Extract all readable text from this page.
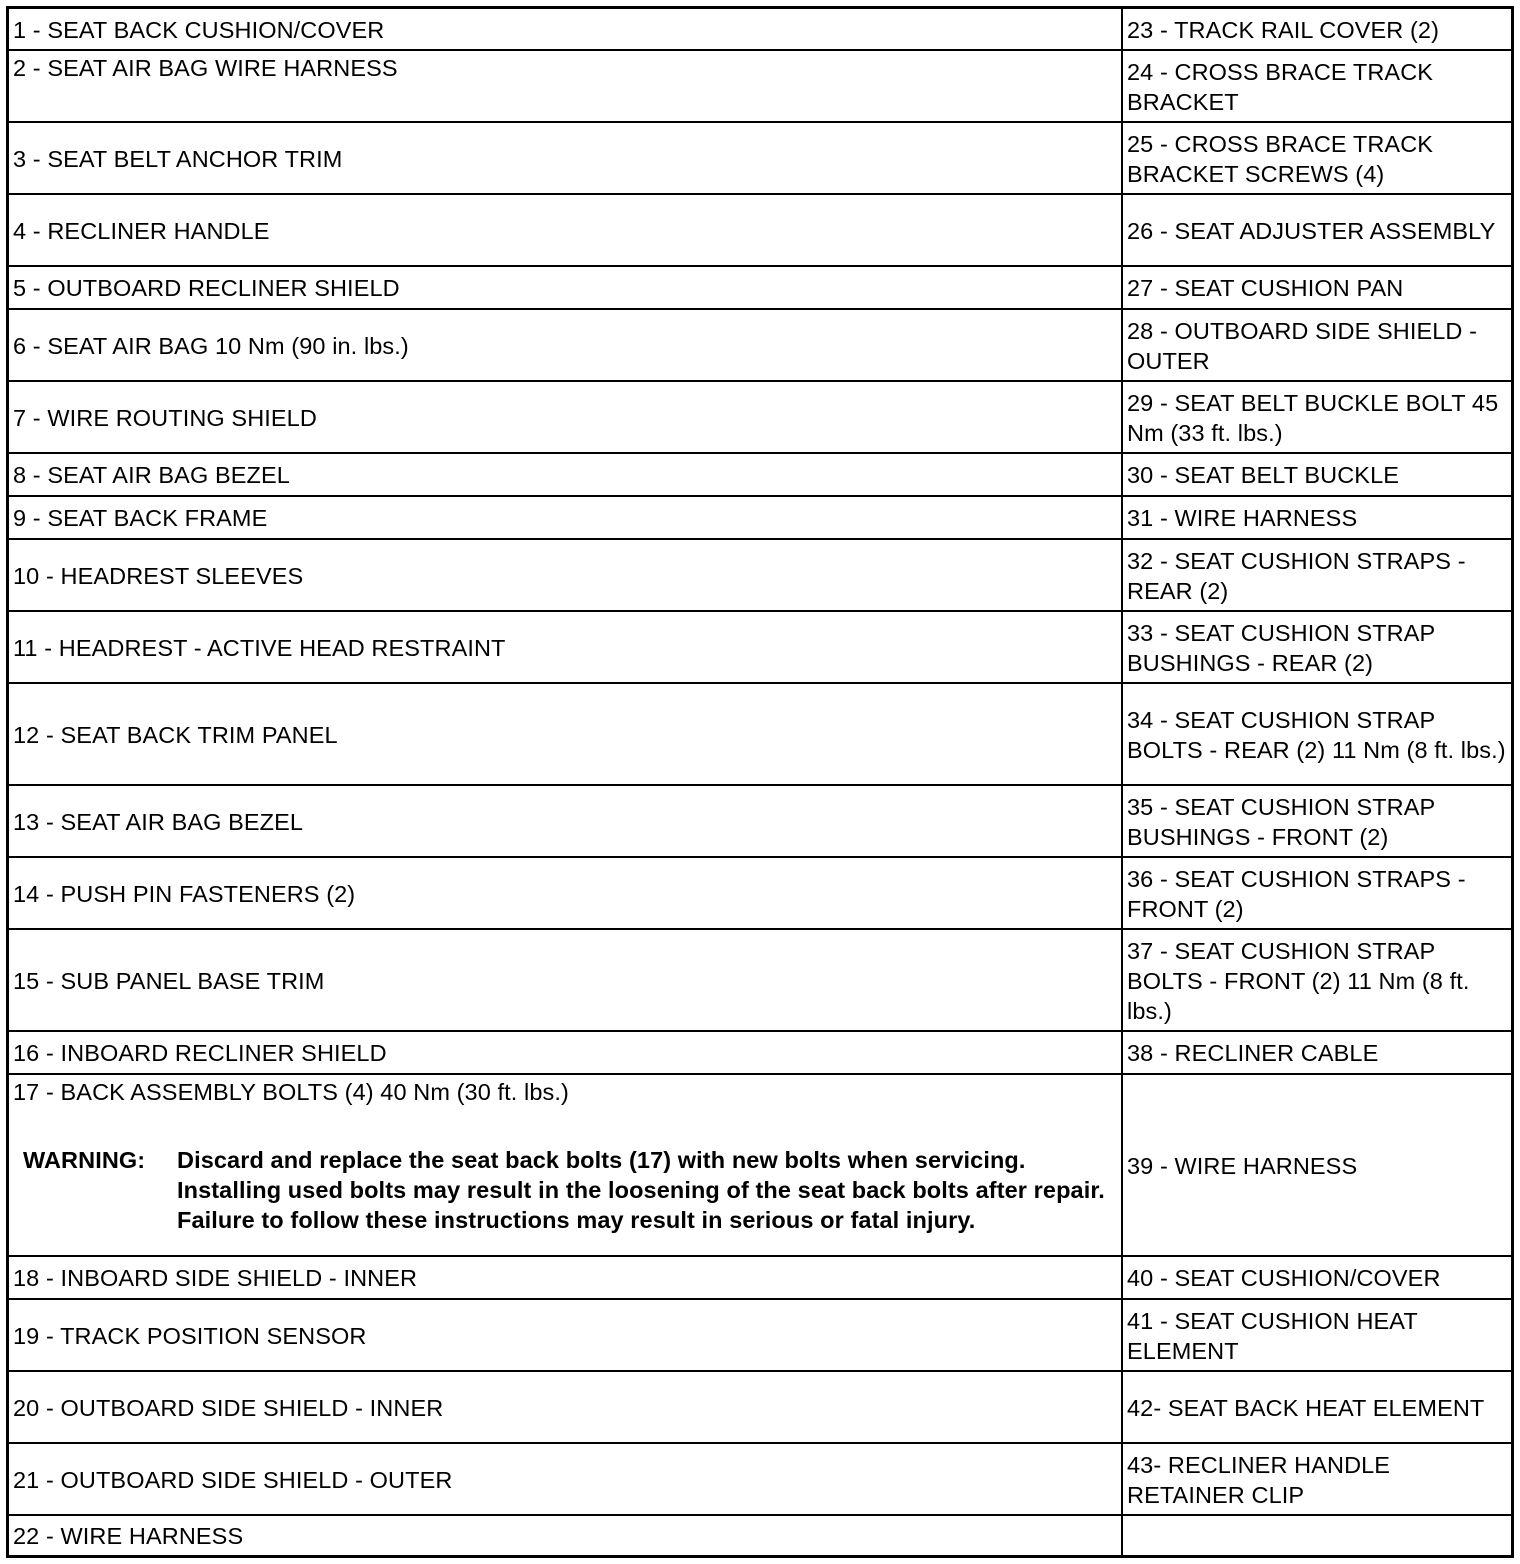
1 - SEAT BACK CUSHION/COVER	23 - TRACK RAIL COVER (2)
2 - SEAT AIR BAG WIRE HARNESS	24 - CROSS BRACE TRACK BRACKET
3 - SEAT BELT ANCHOR TRIM	25 - CROSS BRACE TRACK BRACKET SCREWS (4)
4 - RECLINER HANDLE	26 - SEAT ADJUSTER ASSEMBLY
5 - OUTBOARD RECLINER SHIELD	27 - SEAT CUSHION PAN
6 - SEAT AIR BAG 10 Nm (90 in. lbs.)	28 - OUTBOARD SIDE SHIELD - OUTER
7 - WIRE ROUTING SHIELD	29 - SEAT BELT BUCKLE BOLT 45 Nm (33 ft. lbs.)
8 - SEAT AIR BAG BEZEL	30 - SEAT BELT BUCKLE
9 - SEAT BACK FRAME	31 - WIRE HARNESS
10 - HEADREST SLEEVES	32 - SEAT CUSHION STRAPS - REAR (2)
11 - HEADREST - ACTIVE HEAD RESTRAINT	33 - SEAT CUSHION STRAP BUSHINGS - REAR (2)
12 - SEAT BACK TRIM PANEL	34 - SEAT CUSHION STRAP BOLTS - REAR (2) 11 Nm (8 ft. lbs.)
13 - SEAT AIR BAG BEZEL	35 - SEAT CUSHION STRAP BUSHINGS - FRONT (2)
14 - PUSH PIN FASTENERS (2)	36 - SEAT CUSHION STRAPS - FRONT (2)
15 - SUB PANEL BASE TRIM	37 - SEAT CUSHION STRAP BOLTS - FRONT (2) 11 Nm (8 ft. lbs.)
16 - INBOARD RECLINER SHIELD	38 - RECLINER CABLE

17 - BACK ASSEMBLY BOLTS (4) 40 Nm (30 ft. lbs.)
WARNING: Discard and replace the seat back bolts (17) with new bolts when servicing. Installing used bolts may result in the loosening of the seat back bolts after repair. Failure to follow these instructions may result in serious or fatal injury.	39 - WIRE HARNESS
18 - INBOARD SIDE SHIELD - INNER	40 - SEAT CUSHION/COVER
19 - TRACK POSITION SENSOR	41 - SEAT CUSHION HEAT ELEMENT
20 - OUTBOARD SIDE SHIELD - INNER	42- SEAT BACK HEAT ELEMENT
21 - OUTBOARD SIDE SHIELD - OUTER	43- RECLINER HANDLE RETAINER CLIP
22 - WIRE HARNESS	
